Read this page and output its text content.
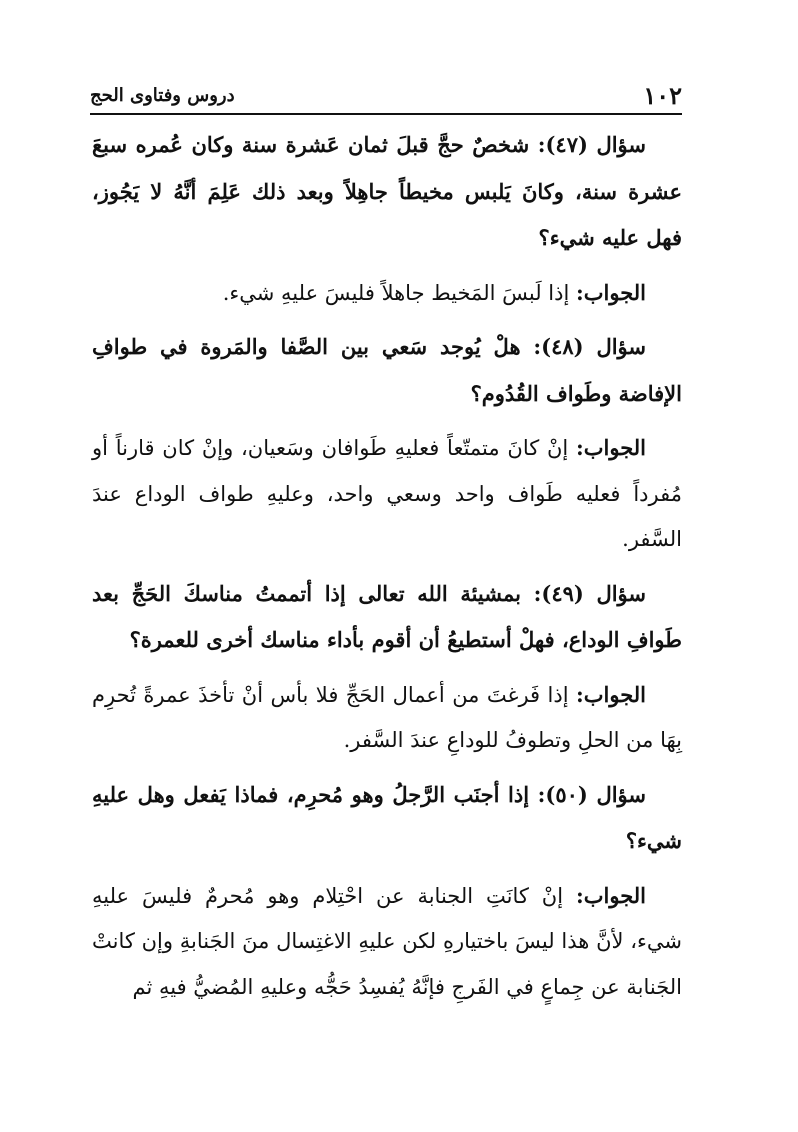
١٠٢
دروس وفتاوى الحج

سؤال (٤٧): شخصٌ حجَّ قبلَ ثمان عَشرة سنة وكان عُمره سبعَ عشرة سنة، وكانَ يَلبس مخيطاً جاهِلاً وبعد ذلك عَلِمَ أنَّهُ لا يَجُوز، فهل عليه شيء؟

الجواب: إذا لَبسَ المَخيط جاهلاً فليسَ عليهِ شيء.

سؤال (٤٨): هلْ يُوجد سَعي بين الصَّفا والمَروة في طوافِ الإفاضة وطَواف القُدُوم؟

الجواب: إنْ كانَ متمتّعاً فعليهِ طَوافان وسَعيان، وإنْ كان قارناً أو مُفرداً فعليه طَواف واحد وسعي واحد، وعليهِ طواف الوداع عندَ السَّفر.

سؤال (٤٩): بمشيئة الله تعالى إذا أتممتُ مناسكَ الحَجِّ بعد طَوافِ الوداع، فهلْ أستطيعُ أن أقوم بأداء مناسك أخرى للعمرة؟

الجواب: إذا فَرغتَ من أعمال الحَجِّ فلا بأس أنْ تأخذَ عمرةً تُحرِم بِهَا من الحلِ وتطوفُ للوداعِ عندَ السَّفر.

سؤال (٥٠): إذا أجنَب الرَّجلُ وهو مُحرِم، فماذا يَفعل وهل عليهِ شيء؟

الجواب: إنْ كانَتِ الجنابة عن احْتِلام وهو مُحرمٌ فليسَ عليهِ شيء، لأنَّ هذا ليسَ باختيارهِ لكن عليهِ الاغتِسال منَ الجَنابةِ وإن كانتْ الجَنابة عن جِماعٍ في الفَرجِ فإنَّهُ يُفسِدُ حَجُّه وعليهِ المُضيُّ فيهِ ثم
